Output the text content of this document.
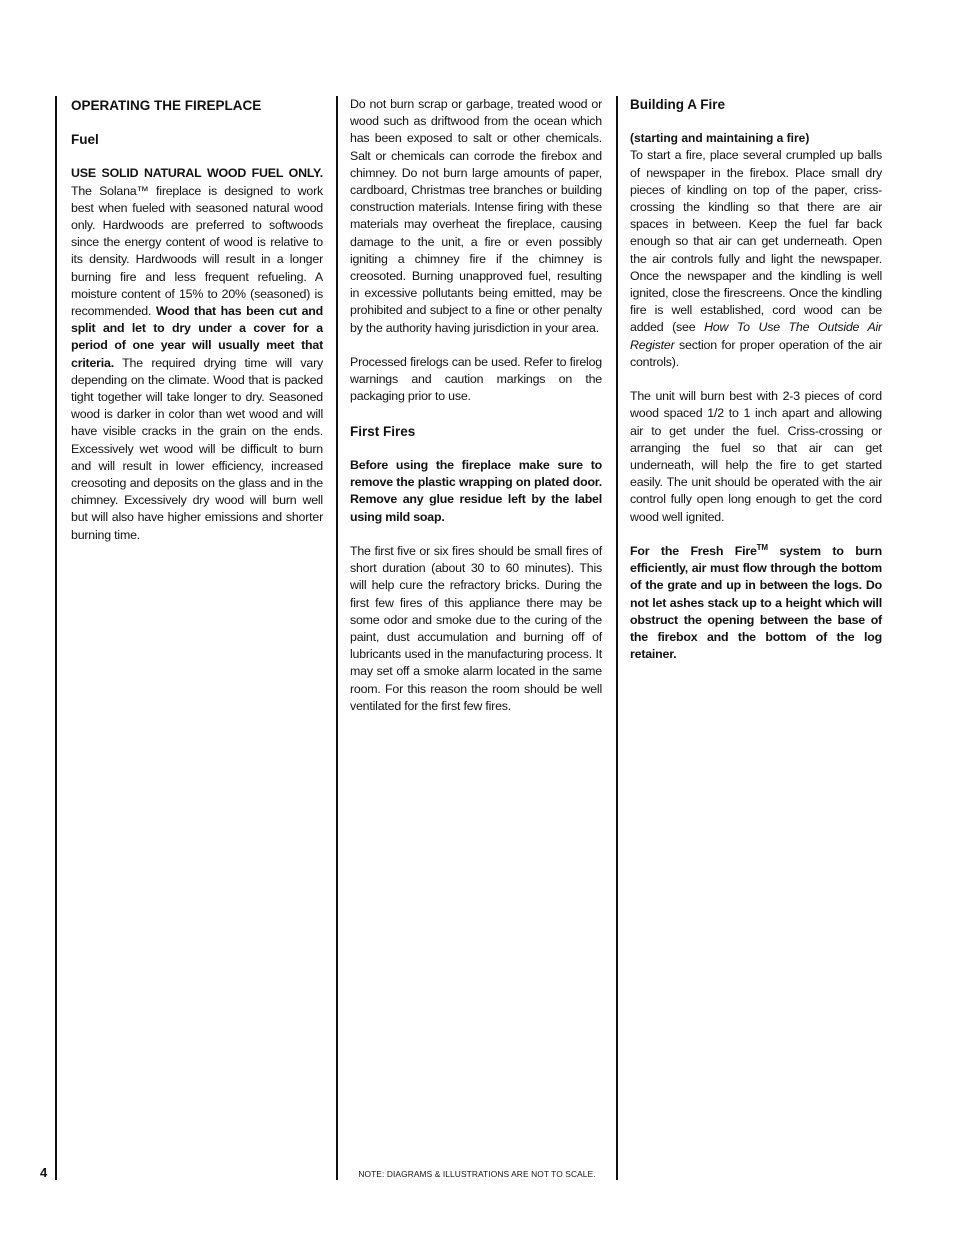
OPERATING THE FIREPLACE
Fuel

USE SOLID NATURAL WOOD FUEL ONLY. The Solana™ fireplace is designed to work best when fueled with seasoned natural wood only. Hardwoods are preferred to softwoods since the energy content of wood is relative to its density. Hardwoods will result in a longer burning fire and less frequent refueling. A moisture content of 15% to 20% (seasoned) is recommended. Wood that has been cut and split and let to dry under a cover for a period of one year will usually meet that criteria. The required drying time will vary depending on the climate. Wood that is packed tight together will take longer to dry. Seasoned wood is darker in color than wet wood and will have visible cracks in the grain on the ends. Excessively wet wood will be difficult to burn and will result in lower efficiency, increased creosoting and deposits on the glass and in the chimney. Excessively dry wood will burn well but will also have higher emissions and shorter burning time.

Do not burn scrap or garbage, treated wood or wood such as driftwood from the ocean which has been exposed to salt or other chemicals. Salt or chemicals can corrode the firebox and chimney. Do not burn large amounts of paper, cardboard, Christmas tree branches or building construction materials. Intense firing with these materials may overheat the fireplace, causing damage to the unit, a fire or even possibly igniting a chimney fire if the chimney is creosoted. Burning unapproved fuel, resulting in excessive pollutants being emitted, may be prohibited and subject to a fine or other penalty by the authority having jurisdiction in your area.

Processed firelogs can be used. Refer to firelog warnings and caution markings on the packaging prior to use.

First Fires

Before using the fireplace make sure to remove the plastic wrapping on plated door. Remove any glue residue left by the label using mild soap.

The first five or six fires should be small fires of short duration (about 30 to 60 minutes). This will help cure the refractory bricks. During the first few fires of this appliance there may be some odor and smoke due to the curing of the paint, dust accumulation and burning off of lubricants used in the manufacturing process. It may set off a smoke alarm located in the same room. For this reason the room should be well ventilated for the first few fires.

Building A Fire
(starting and maintaining a fire)

To start a fire, place several crumpled up balls of newspaper in the firebox. Place small dry pieces of kindling on top of the paper, criss-crossing the kindling so that there are air spaces in between. Keep the fuel far back enough so that air can get underneath. Open the air controls fully and light the newspaper. Once the newspaper and the kindling is well ignited, close the firescreens. Once the kindling fire is well established, cord wood can be added (see How To Use The Outside Air Register section for proper operation of the air controls).

The unit will burn best with 2-3 pieces of cord wood spaced 1/2 to 1 inch apart and allowing air to get under the fuel. Criss-crossing or arranging the fuel so that air can get underneath, will help the fire to get started easily. The unit should be operated with the air control fully open long enough to get the cord wood well ignited.

For the Fresh Fire™ system to burn efficiently, air must flow through the bottom of the grate and up in between the logs. Do not let ashes stack up to a height which will obstruct the opening between the base of the firebox and the bottom of the log retainer.

4	NOTE: DIAGRAMS & ILLUSTRATIONS ARE NOT TO SCALE.
